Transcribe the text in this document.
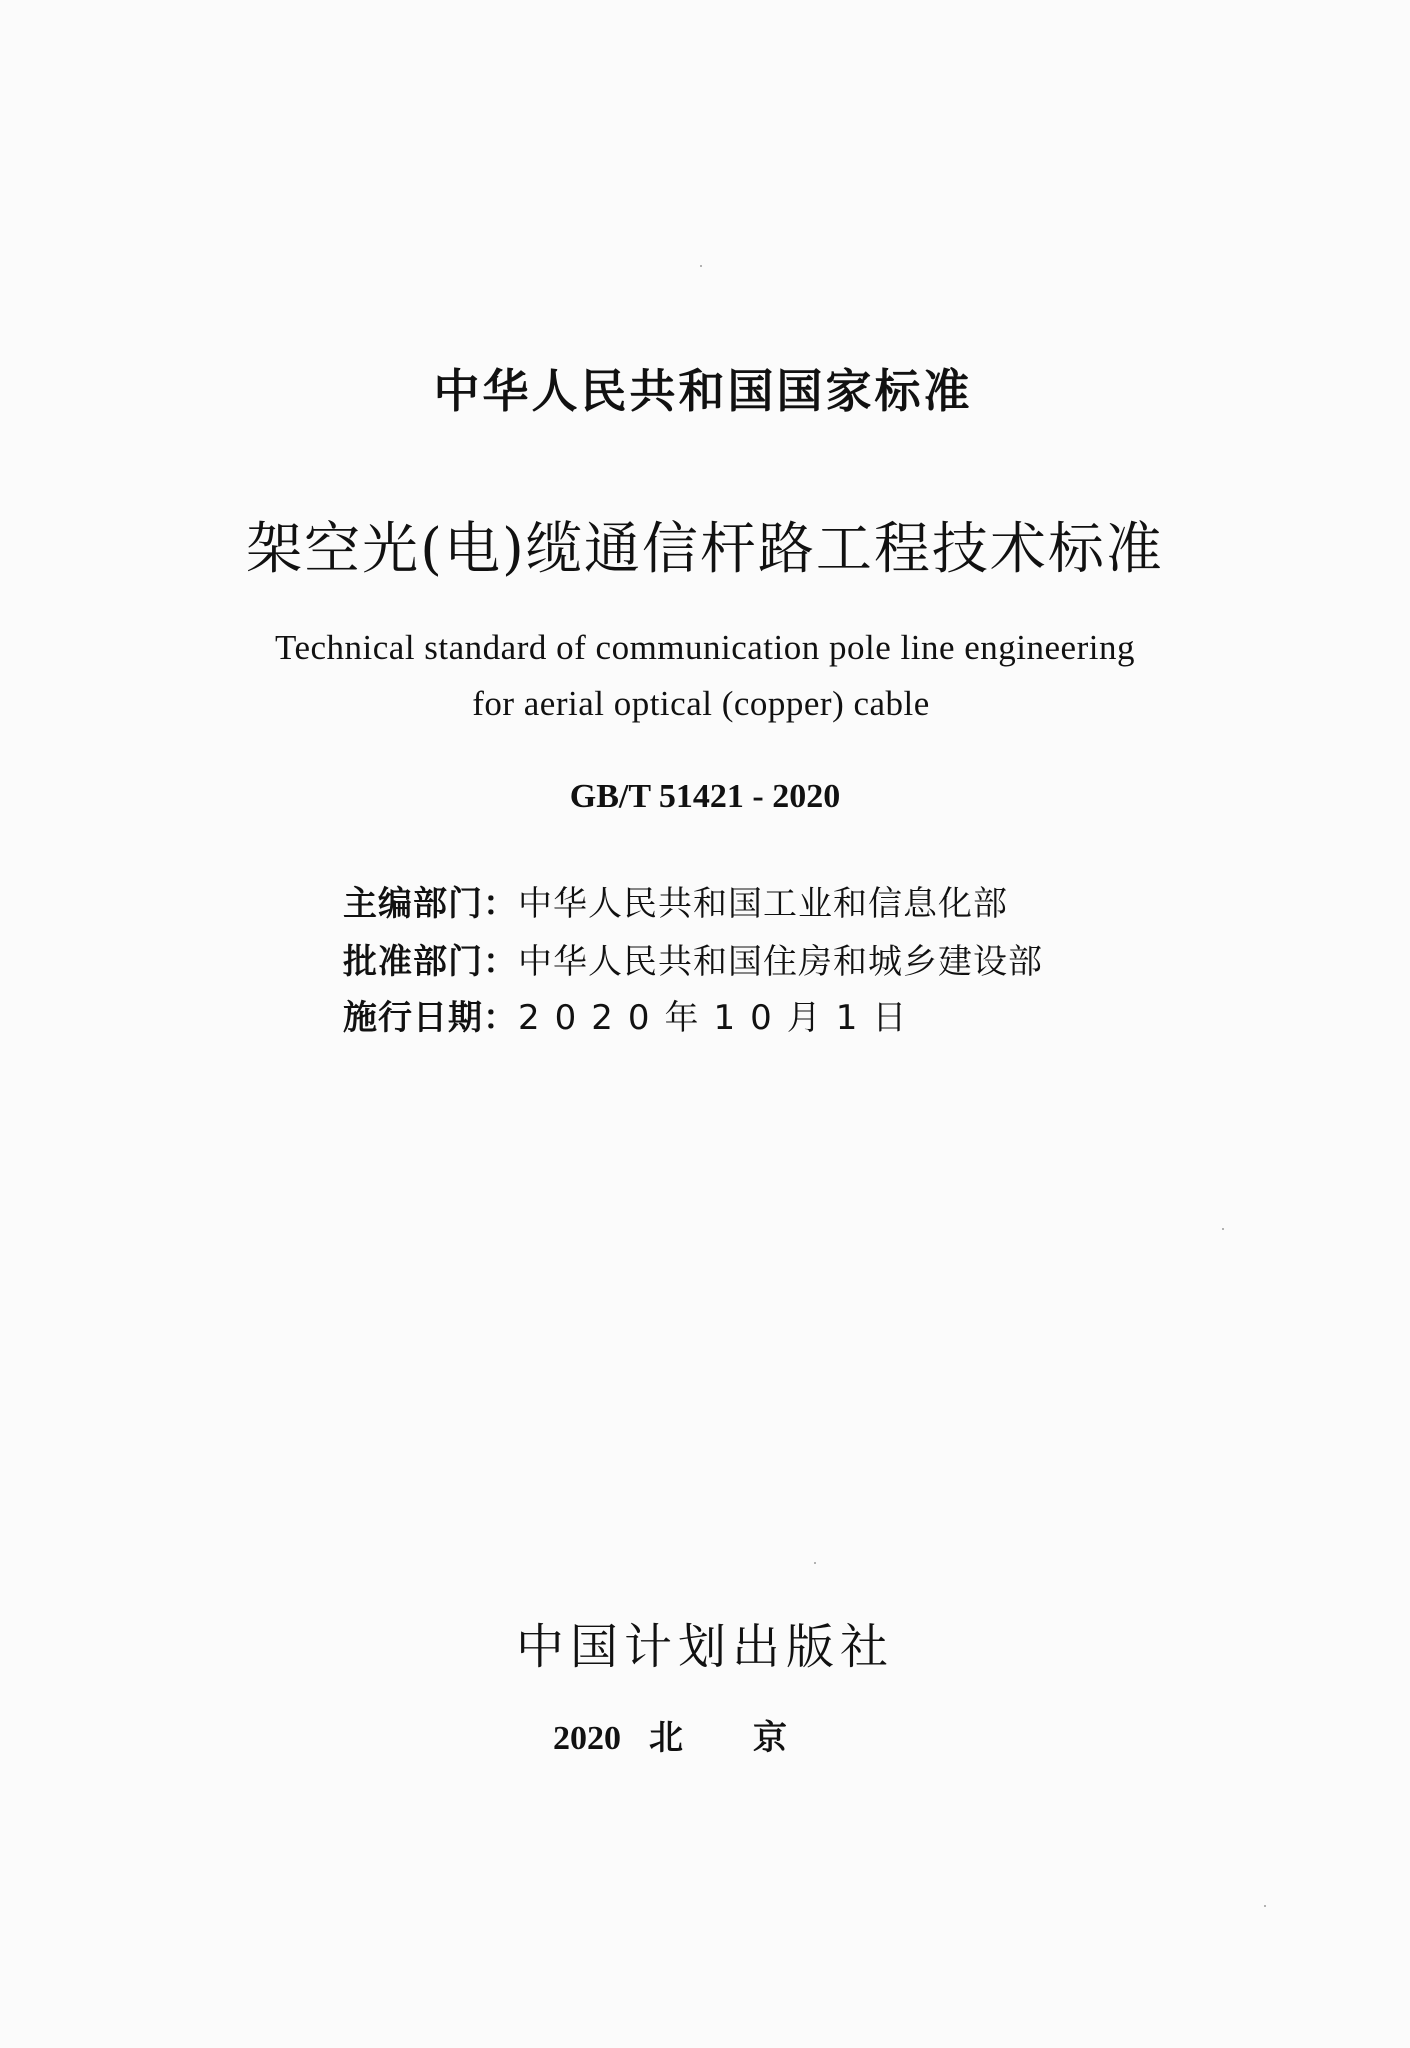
中华人民共和国国家标准
架空光(电)缆通信杆路工程技术标准
Technical standard of communication pole line engineering
for aerial optical (copper) cable
GB/T 51421 - 2020
主编部门：中华人民共和国工业和信息化部
批准部门：中华人民共和国住房和城乡建设部
施行日期：2020年10月1日
中国计划出版社
2020 北京
